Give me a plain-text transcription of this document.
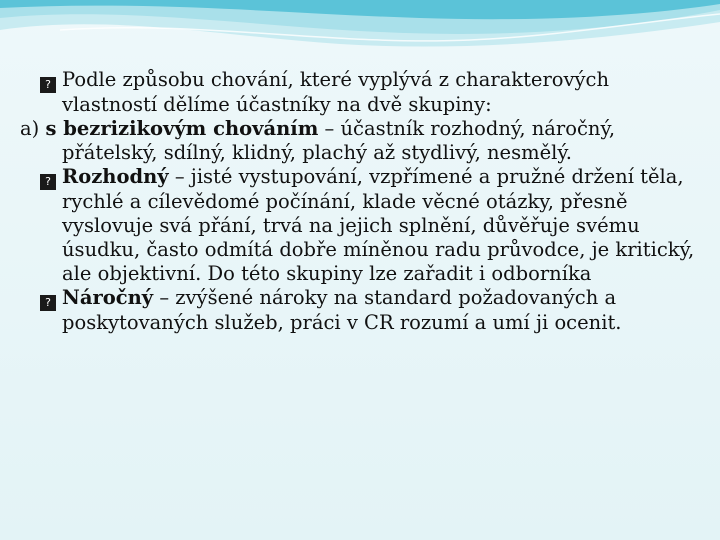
? Podle způsobu chování, které vyplývá z charakterových vlastností dělíme účastníky na dvě skupiny:

a) s bezrizikovým chováním – účastník rozhodný, náročný, přátelský, sdílný, klidný, plachý až stydlivý, nesmělý.

? Rozhodný – jisté vystupování, vzpřímené a pružné držení těla, rychlé a cílevědomé počínání, klade věcné otázky, přesně vyslovuje svá přání, trvá na jejich splnění, důvěřuje svému úsudku, často odmítá dobře míněnou radu průvodce, je kritický, ale objektivní. Do této skupiny lze zařadit i odborníka

? Náročný – zvýšené nároky na standard požadovaných a poskytovaných služeb, práci v CR rozumí a umí ji ocenit.
